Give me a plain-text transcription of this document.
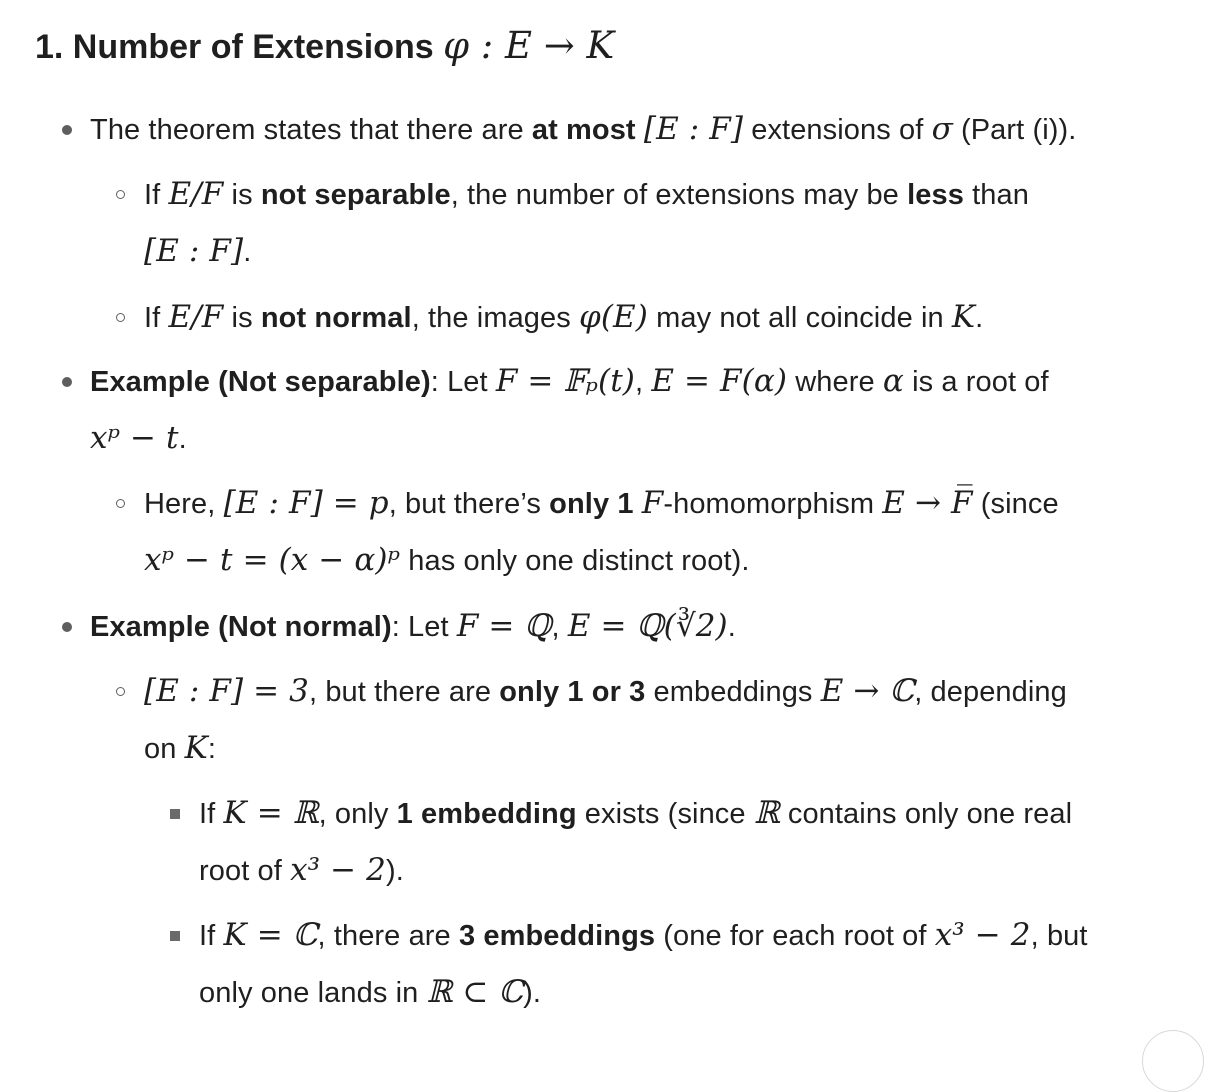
1. Number of Extensions φ : E → K
The theorem states that there are at most [E : F] extensions of σ (Part (i)).
If E/F is not separable, the number of extensions may be less than
[E : F].
If E/F is not normal, the images φ(E) may not all coincide in K.
Example (Not separable): Let F = 𝔽ₚ(t), E = F(α) where α is a root of
xᵖ − t.
Here, [E : F] = p, but there’s only 1 F-homomorphism E → F̅ (since
xᵖ − t = (x − α)ᵖ has only one distinct root).
Example (Not normal): Let F = ℚ, E = ℚ(∛2).
[E : F] = 3, but there are only 1 or 3 embeddings E → ℂ, depending
on K:
If K = ℝ, only 1 embedding exists (since ℝ contains only one real
root of x³ − 2).
If K = ℂ, there are 3 embeddings (one for each root of x³ − 2, but
only one lands in ℝ ⊂ ℂ).
